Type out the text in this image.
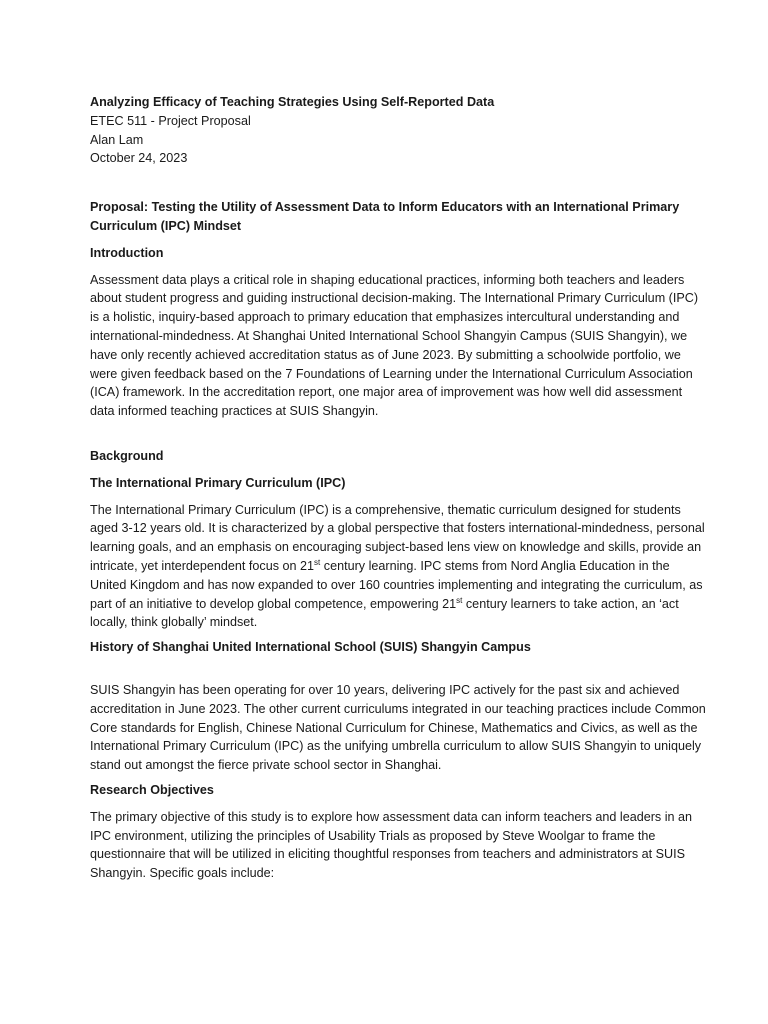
Analyzing Efficacy of Teaching Strategies Using Self-Reported Data

ETEC 511 - Project Proposal

Alan Lam

October 24, 2023

Proposal: Testing the Utility of Assessment Data to Inform Educators with an International Primary Curriculum (IPC) Mindset

Introduction

Assessment data plays a critical role in shaping educational practices, informing both teachers and leaders about student progress and guiding instructional decision-making. The International Primary Curriculum (IPC) is a holistic, inquiry-based approach to primary education that emphasizes intercultural understanding and international-mindedness. At Shanghai United International School Shangyin Campus (SUIS Shangyin), we have only recently achieved accreditation status as of June 2023. By submitting a schoolwide portfolio, we were given feedback based on the 7 Foundations of Learning under the International Curriculum Association (ICA) framework. In the accreditation report, one major area of improvement was how well did assessment data informed teaching practices at SUIS Shangyin.

Background

The International Primary Curriculum (IPC)

The International Primary Curriculum (IPC) is a comprehensive, thematic curriculum designed for students aged 3-12 years old. It is characterized by a global perspective that fosters international-mindedness, personal learning goals, and an emphasis on encouraging subject-based lens view on knowledge and skills, provide an intricate, yet interdependent focus on 21st century learning. IPC stems from Nord Anglia Education in the United Kingdom and has now expanded to over 160 countries implementing and integrating the curriculum, as part of an initiative to develop global competence, empowering 21st century learners to take action, an ‘act locally, think globally’ mindset.

History of Shanghai United International School (SUIS) Shangyin Campus

SUIS Shangyin has been operating for over 10 years, delivering IPC actively for the past six and achieved accreditation in June 2023. The other current curriculums integrated in our teaching practices include Common Core standards for English, Chinese National Curriculum for Chinese, Mathematics and Civics, as well as the International Primary Curriculum (IPC) as the unifying umbrella curriculum to allow SUIS Shangyin to uniquely stand out amongst the fierce private school sector in Shanghai.

Research Objectives

The primary objective of this study is to explore how assessment data can inform teachers and leaders in an IPC environment, utilizing the principles of Usability Trials as proposed by Steve Woolgar to frame the questionnaire that will be utilized in eliciting thoughtful responses from teachers and administrators at SUIS Shangyin. Specific goals include:
